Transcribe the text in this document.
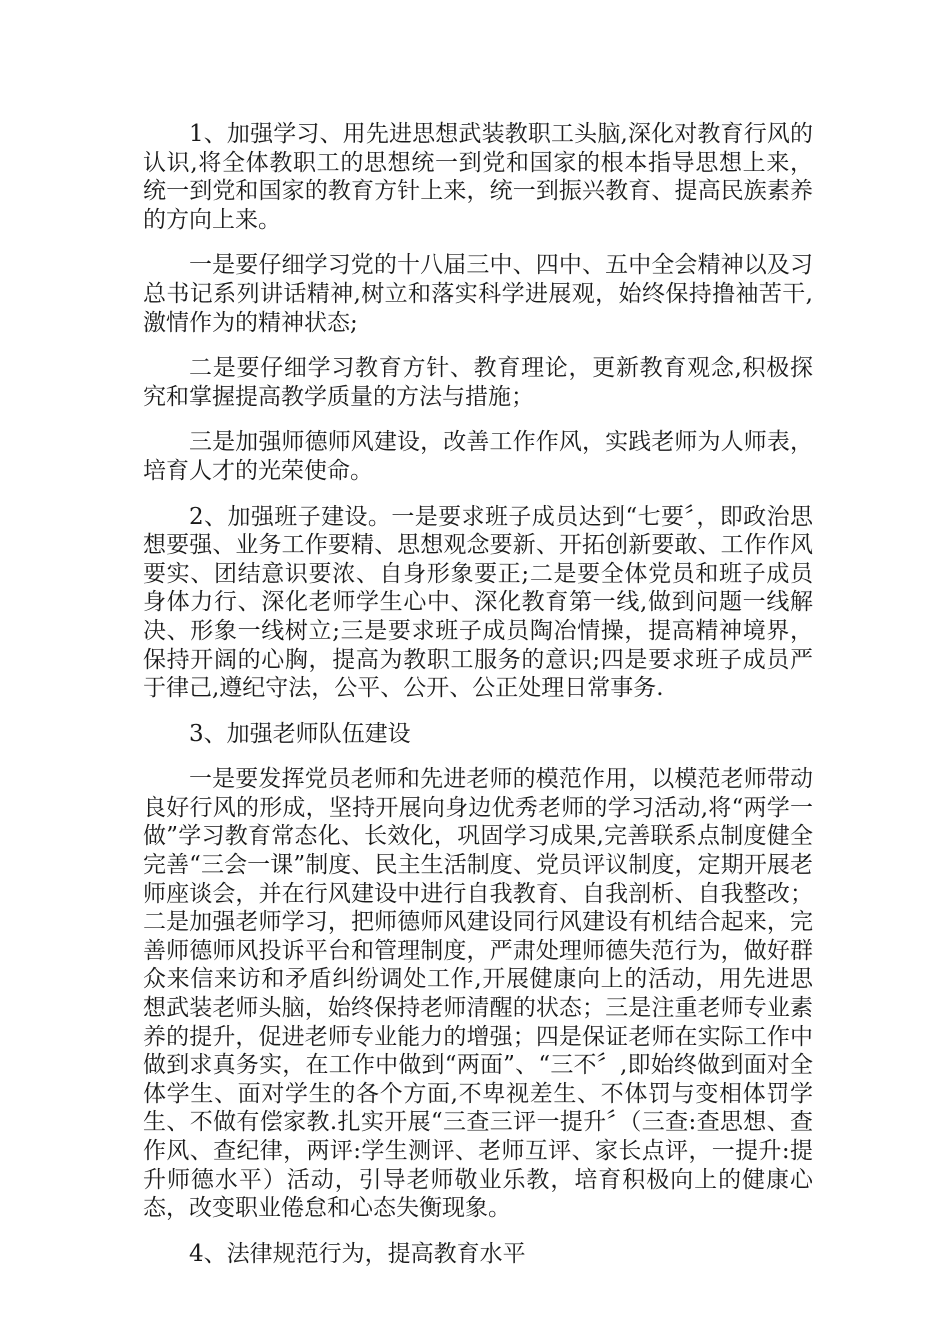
1、加强学习、用先进思想武装教职工头脑,深化对教育行风的认识,将全体教职工的思想统一到党和国家的根本指导思想上来，统一到党和国家的教育方针上来，统一到振兴教育、提高民族素养的方向上来。

一是要仔细学习党的十八届三中、四中、五中全会精神以及习总书记系列讲话精神,树立和落实科学进展观，始终保持撸袖苦干,激情作为的精神状态;

二是要仔细学习教育方针、教育理论，更新教育观念,积极探究和掌握提高教学质量的方法与措施；

三是加强师德师风建设，改善工作作风，实践老师为人师表，培育人才的光荣使命。

2、加强班子建设。一是要求班子成员达到“七要〞，即政治思想要强、业务工作要精、思想观念要新、开拓创新要敢、工作作风要实、团结意识要浓、自身形象要正;二是要全体党员和班子成员身体力行、深化老师学生心中、深化教育第一线,做到问题一线解决、形象一线树立;三是要求班子成员陶冶情操，提高精神境界，保持开阔的心胸，提高为教职工服务的意识;四是要求班子成员严于律己,遵纪守法，公平、公开、公正处理日常事务.

3、加强老师队伍建设

一是要发挥党员老师和先进老师的模范作用，以模范老师带动良好行风的形成，坚持开展向身边优秀老师的学习活动,将“两学一做”学习教育常态化、长效化，巩固学习成果,完善联系点制度健全完善“三会一课”制度、民主生活制度、党员评议制度，定期开展老师座谈会，并在行风建设中进行自我教育、自我剖析、自我整改；二是加强老师学习，把师德师风建设同行风建设有机结合起来，完善师德师风投诉平台和管理制度，严肃处理师德失范行为，做好群众来信来访和矛盾纠纷调处工作,开展健康向上的活动，用先进思想武装老师头脑，始终保持老师清醒的状态；三是注重老师专业素养的提升，促进老师专业能力的增强；四是保证老师在实际工作中做到求真务实，在工作中做到“两面”、“三不〞,即始终做到面对全体学生、面对学生的各个方面,不卑视差生、不体罚与变相体罚学生、不做有偿家教.扎实开展“三查三评一提升〞（三查:查思想、查作风、查纪律，两评:学生测评、老师互评、家长点评，一提升:提升师德水平）活动，引导老师敬业乐教，培育积极向上的健康心态，改变职业倦怠和心态失衡现象。

4、法律规范行为，提高教育水平
